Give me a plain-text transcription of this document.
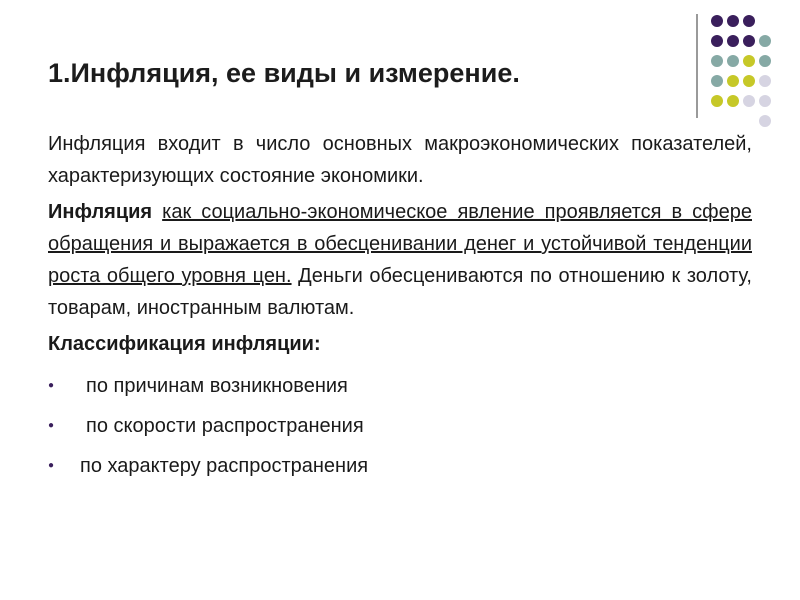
1.Инфляция, ее виды и измерение.

Инфляция входит в число основных макроэкономических показателей, характеризующих состояние экономики.

Инфляция как социально-экономическое явление проявляется в сфере обращения и выражается в обесценивании денег и устойчивой тенденции роста общего уровня цен. Деньги обесцениваются по отношению к золоту, товарам, иностранным валютам.

Классификация инфляции:

● по причинам возникновения
● по скорости распространения
● по характеру распространения
